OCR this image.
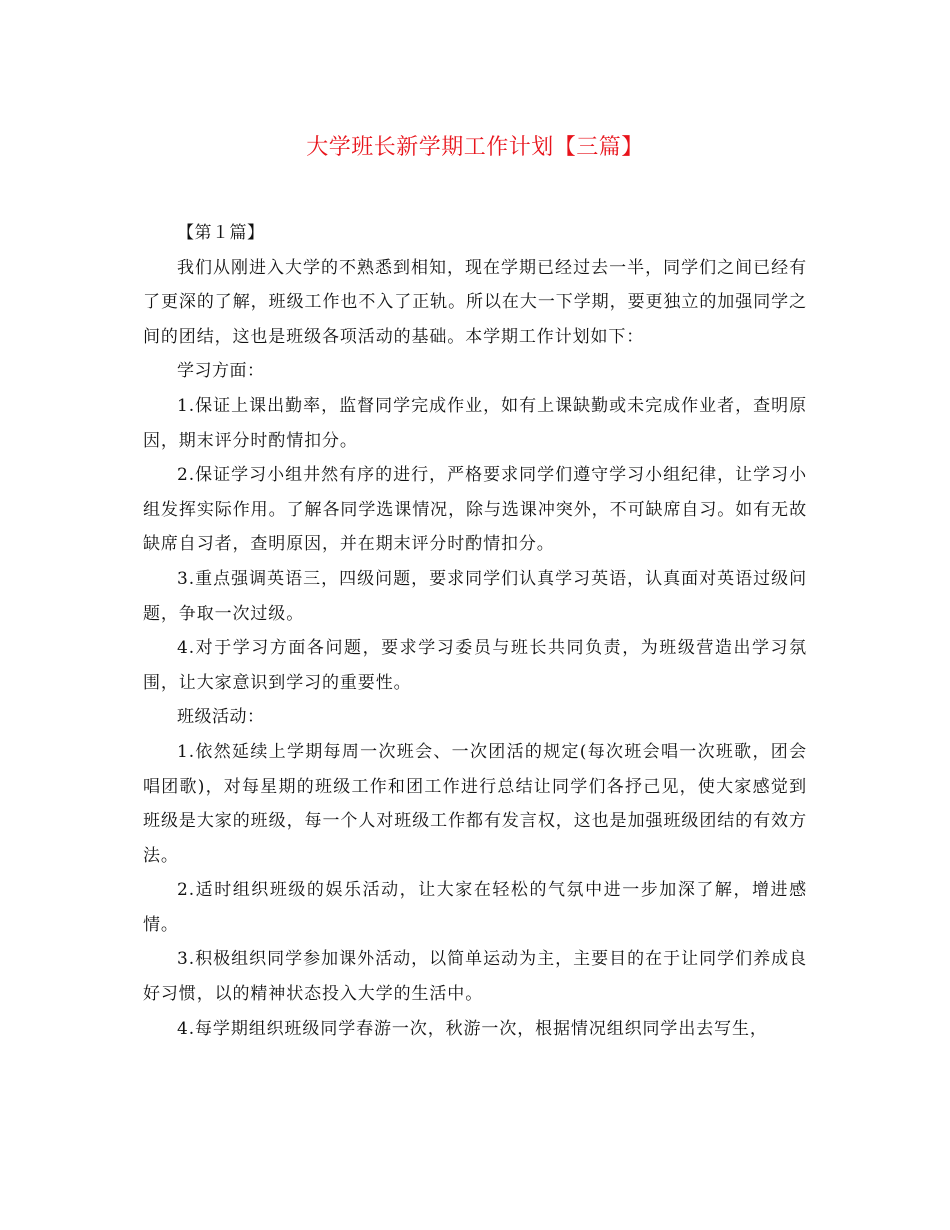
大学班长新学期工作计划【三篇】

【第１篇】

我们从刚进入大学的不熟悉到相知，现在学期已经过去一半，同学们之间已经有了更深的了解，班级工作也不入了正轨。所以在大一下学期，要更独立的加强同学之间的团结，这也是班级各项活动的基础。本学期工作计划如下：

学习方面：

1.保证上课出勤率，监督同学完成作业，如有上课缺勤或未完成作业者，查明原因，期末评分时酌情扣分。

2.保证学习小组井然有序的进行，严格要求同学们遵守学习小组纪律，让学习小组发挥实际作用。了解各同学选课情况，除与选课冲突外，不可缺席自习。如有无故缺席自习者，查明原因，并在期末评分时酌情扣分。

3.重点强调英语三，四级问题，要求同学们认真学习英语，认真面对英语过级问题，争取一次过级。

4.对于学习方面各问题，要求学习委员与班长共同负责，为班级营造出学习氛围，让大家意识到学习的重要性。

班级活动：

1.依然延续上学期每周一次班会、一次团活的规定(每次班会唱一次班歌，团会唱团歌)，对每星期的班级工作和团工作进行总结让同学们各抒己见，使大家感觉到班级是大家的班级，每一个人对班级工作都有发言权，这也是加强班级团结的有效方法。

2.适时组织班级的娱乐活动，让大家在轻松的气氛中进一步加深了解，增进感情。

3.积极组织同学参加课外活动，以简单运动为主，主要目的在于让同学们养成良好习惯，以的精神状态投入大学的生活中。

4.每学期组织班级同学春游一次，秋游一次，根据情况组织同学出去写生，
